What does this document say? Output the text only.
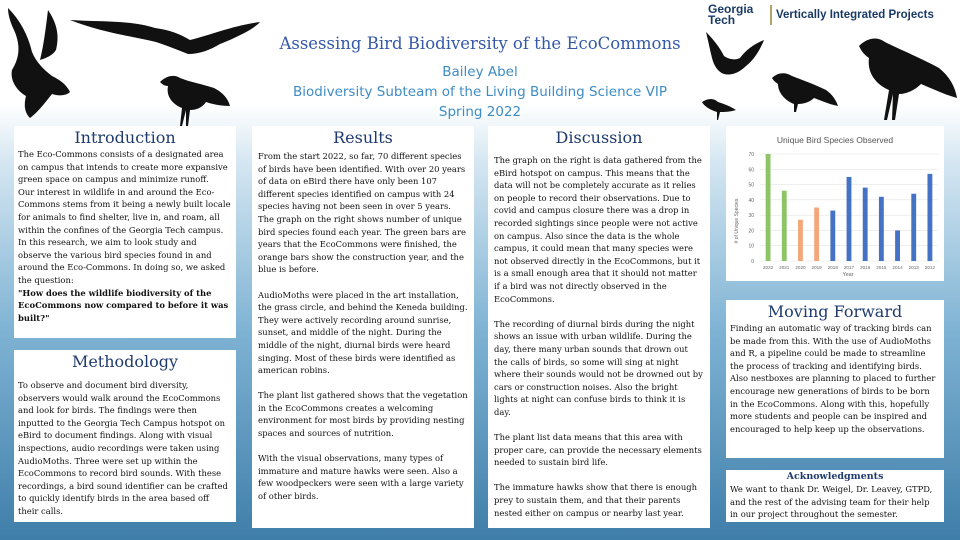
Georgia
Tech	Vertically Integrated Projects
Assessing Bird Biodiversity of the EcoCommons
Bailey Abel
Biodiversity Subteam of the Living Building Science VIP
Spring 2022
Introduction

The Eco-Commons consists of a designated area on campus that intends to create more expansive green space on campus and minimize runoff.

Our interest in wildlife in and around the Eco-Commons stems from it being a newly built locale for animals to find shelter, live in, and roam, all within the confines of the Georgia Tech campus. In this research, we aim to look study and observe the various bird species found in and around the Eco-Commons. In doing so, we asked the question:

"How does the wildlife biodiversity of the EcoCommons now compared to before it was built?"

Methodology

To observe and document bird diversity, observers would walk around the EcoCommons and look for birds. The findings were then inputted to the Georgia Tech Campus hotspot on eBird to document findings. Along with visual inspections, audio recordings were taken using AudioMoths. Three were set up within the EcoCommons to record bird sounds. With these recordings, a bird sound identifier can be crafted to quickly identify birds in the area based off their calls.

Results

From the start 2022, so far, 70 different species of birds have been identified. With over 20 years of data on eBird there have only been 107 different species identified on campus with 24 species having not been seen in over 5 years. The graph on the right shows number of unique bird species found each year. The green bars are years that the EcoCommons were finished, the orange bars show the construction year, and the blue is before.

AudioMoths were placed in the art installation, the grass circle, and behind the Keneda building. They were actively recording around sunrise, sunset, and middle of the night. During the middle of the night, diurnal birds were heard singing. Most of these birds were identified as american robins.

The plant list gathered shows that the vegetation in the EcoCommons creates a welcoming environment for most birds by providing nesting spaces and sources of nutrition.

With the visual observations, many types of immature and mature hawks were seen. Also a few woodpeckers were seen with a large variety of other birds.

Discussion

The graph on the right is data gathered from the eBird hotspot on campus. This means that the data will not be completely accurate as it relies on people to record their observations. Due to covid and campus closure there was a drop in recorded sightings since people were not active on campus. Also since the data is the whole campus, it could mean that many species were not observed directly in the EcoCommons, but it is a small enough area that it should not matter if a bird was not directly observed in the EcoCommons.

The recording of diurnal birds during the night shows an issue with urban wildlife. During the day, there many urban sounds that drown out the calls of birds, so some will sing at night where their sounds would not be drowned out by cars or construction noises. Also the bright lights at night can confuse birds to think it is day.

The plant list data means that this area with proper care, can provide the necessary elements needed to sustain bird life.

The immature hawks show that there is enough prey to sustain them, and that their parents nested either on campus or nearby last year.

Unique Bird Species Observed
# of Unique Species
Year
0
10
20
30
40
50
60
70
2022 2021 2020 2019 2018 2017 2016 2015 2014 2013 2012
Moving Forward

Finding an automatic way of tracking birds can be made from this. With the use of AudioMoths and R, a pipeline could be made to streamline the process of tracking and identifying birds. Also nestboxes are planning to placed to further encourage new generations of birds to be born in the EcoCommons. Along with this, hopefully more students and people can be inspired and encouraged to help keep up the observations.

Acknowledgments

We want to thank Dr. Weigel, Dr. Leavey, GTPD, and the rest of the advising team for their help in our project throughout the semester.
